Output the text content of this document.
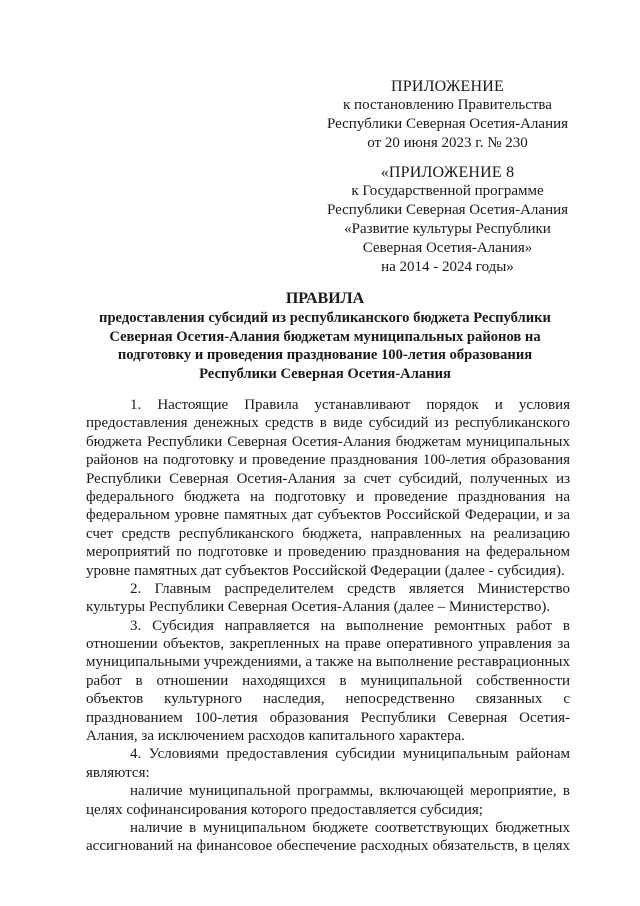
ПРИЛОЖЕНИЕ
к постановлению Правительства
Республики Северная Осетия-Алания
от 20 июня 2023 г. № 230
«ПРИЛОЖЕНИЕ 8
к Государственной программе
Республики Северная Осетия-Алания
«Развитие культуры Республики
Северная Осетия-Алания»
на 2014 - 2024 годы»
ПРАВИЛА
предоставления субсидий из республиканского бюджета Республики
Северная Осетия-Алания бюджетам муниципальных районов на
подготовку и проведения празднование 100-летия образования
Республики Северная Осетия-Алания
1. Настоящие Правила устанавливают порядок и условия
предоставления денежных средств в виде субсидий из республиканского
бюджета Республики Северная Осетия-Алания бюджетам муниципальных
районов на подготовку и проведение празднования 100-летия образования
Республики Северная Осетия-Алания за счет субсидий, полученных из
федерального бюджета на подготовку и проведение празднования на
федеральном уровне памятных дат субъектов Российской Федерации, и за
счет средств республиканского бюджета, направленных на реализацию
мероприятий по подготовке и проведению празднования на федеральном
уровне памятных дат субъектов Российской Федерации (далее - субсидия).
2. Главным распределителем средств является Министерство
культуры Республики Северная Осетия-Алания (далее – Министерство).
3. Субсидия направляется на выполнение ремонтных работ в
отношении объектов, закрепленных на праве оперативного управления за
муниципальными учреждениями, а также на выполнение реставрационных
работ в отношении находящихся в муниципальной собственности
объектов культурного наследия, непосредственно связанных с
празднованием 100-летия образования Республики Северная Осетия-
Алания, за исключением расходов капитального характера.
4. Условиями предоставления субсидии муниципальным районам
являются:
наличие муниципальной программы, включающей мероприятие, в
целях софинансирования которого предоставляется субсидия;
наличие в муниципальном бюджете соответствующих бюджетных
ассигнований на финансовое обеспечение расходных обязательств, в целях
